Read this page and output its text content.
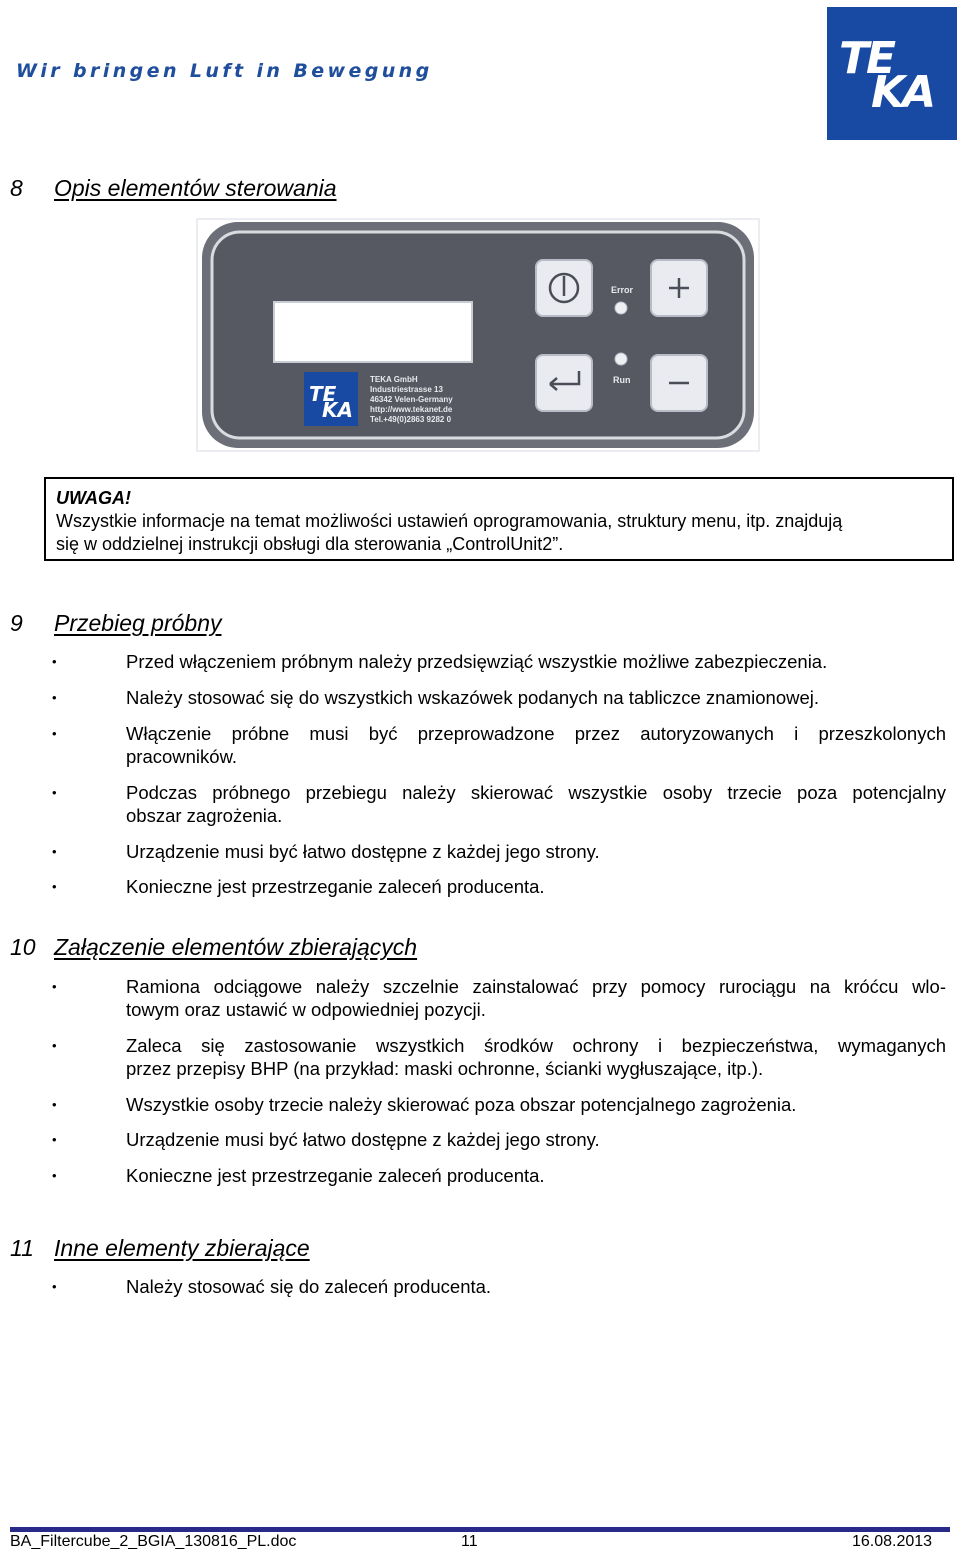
Wir bringen Luft in Bewegung	TE
KA
8 Opis elementów sterowania
TE
KA
TEKA GmbH
Industriestrasse 13
46342 Velen-Germany
http://www.tekanet.de
Tel.+49(0)2863 9282 0
Error
Run
UWAGA!
Wszystkie informacje na temat możliwości ustawień oprogramowania, struktury menu, itp. znajdują
się w oddzielnej instrukcji obsługi dla sterowania „ControlUnit2”.
9 Przebieg próbny
•	Przed włączeniem próbnym należy przedsięwziąć wszystkie możliwe zabezpieczenia.
•	Należy stosować się do wszystkich wskazówek podanych na tabliczce znamionowej.
•	Włączenie próbne musi być przeprowadzone przez autoryzowanych i przeszkolonych
pracowników.
•	Podczas próbnego przebiegu należy skierować wszystkie osoby trzecie poza potencjalny
obszar zagrożenia.
•	Urządzenie musi być łatwo dostępne z każdej jego strony.
•	Konieczne jest przestrzeganie zaleceń producenta.
10 Załączenie elementów zbierających
•	Ramiona odciągowe należy szczelnie zainstalować przy pomocy rurociągu na króćcu wlo-
towym oraz ustawić w odpowiedniej pozycji.
•	Zaleca się zastosowanie wszystkich środków ochrony i bezpieczeństwa, wymaganych
przez przepisy BHP (na przykład: maski ochronne, ścianki wygłuszające, itp.).
•	Wszystkie osoby trzecie należy skierować poza obszar potencjalnego zagrożenia.
•	Urządzenie musi być łatwo dostępne z każdej jego strony.
•	Konieczne jest przestrzeganie zaleceń producenta.
11 Inne elementy zbierające
•	Należy stosować się do zaleceń producenta.
BA_Filtercube_2_BGIA_130816_PL.doc	11	16.08.2013
